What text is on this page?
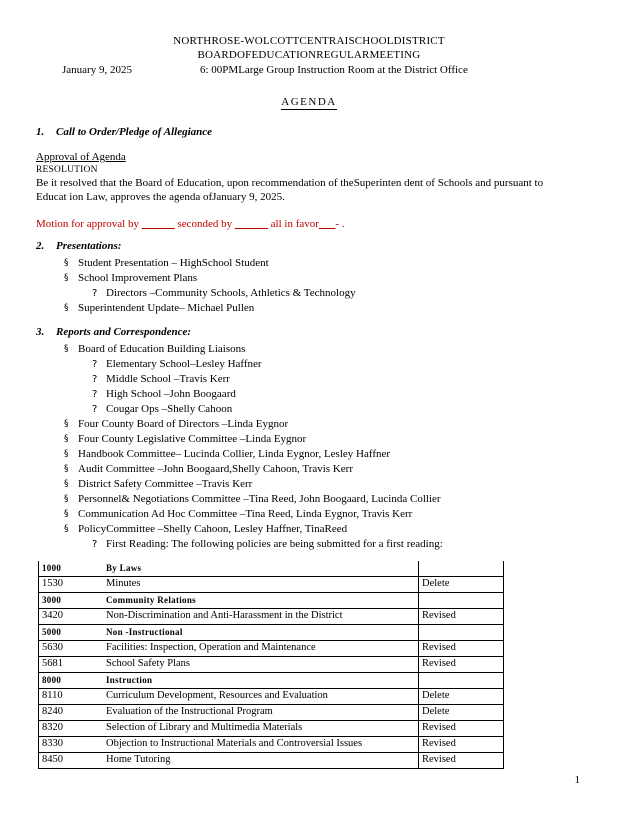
NORTHROSE-WOLCOTTCENTRAISCHOOLDISTRICT
BOARDOFEDUCATIONREGULARMEETING
January 9, 2025	6: 00PMLarge Group Instruction Room at the District Office
AGENDA
1. Call to Order/Pledge of Allegiance
Approval of Agenda
RESOLUTION
Be it resolved that the Board of Education, upon recommendation of theSuperinten dent of Schools and pursuant to Educat ion Law, approves the agenda ofJanuary 9, 2025.
Motion for approval by ______ seconded by ______ all in favor___- .
2. Presentations:
§ Student Presentation – HighSchool Student
§ School Improvement Plans
? Directors –Community Schools, Athletics & Technology
§ Superintendent Update– Michael Pullen
3. Reports and Correspondence:
§ Board of Education Building Liaisons
? Elementary School–Lesley Haffner
? Middle School –Travis Kerr
? High School –John Boogaard
? Cougar Ops –Shelly Cahoon
§ Four County Board of Directors –Linda Eygnor
§ Four County Legislative Committee –Linda Eygnor
§ Handbook Committee– Lucinda Collier, Linda Eygnor, Lesley Haffner
§ Audit Committee –John Boogaard,Shelly Cahoon, Travis Kerr
§ District Safety Committee –Travis Kerr
§ Personnel& Negotiations Committee –Tina Reed, John Boogaard, Lucinda Collier
§ Communication Ad Hoc Committee –Tina Reed, Linda Eygnor, Travis Kerr
§ PolicyCommittee –Shelly Cahoon, Lesley Haffner, TinaReed
? First Reading: The following policies are being submitted for a first reading:
1000	By Laws	
1530	Minutes	Delete
3000	Community Relations	
3420	Non-Discrimination and Anti-Harassment in the District	Revised
5000	Non -Instructional	
5630	Facilities: Inspection, Operation and Maintenance	Revised
5681	School Safety Plans	Revised
8000	Instruction	
8110	Curriculum Development, Resources and Evaluation	Delete
8240	Evaluation of the Instructional Program	Delete
8320	Selection of Library and Multimedia Materials	Revised
8330	Objection to Instructional Materials and Controversial Issues	Revised
8450	Home Tutoring	Revised
1
